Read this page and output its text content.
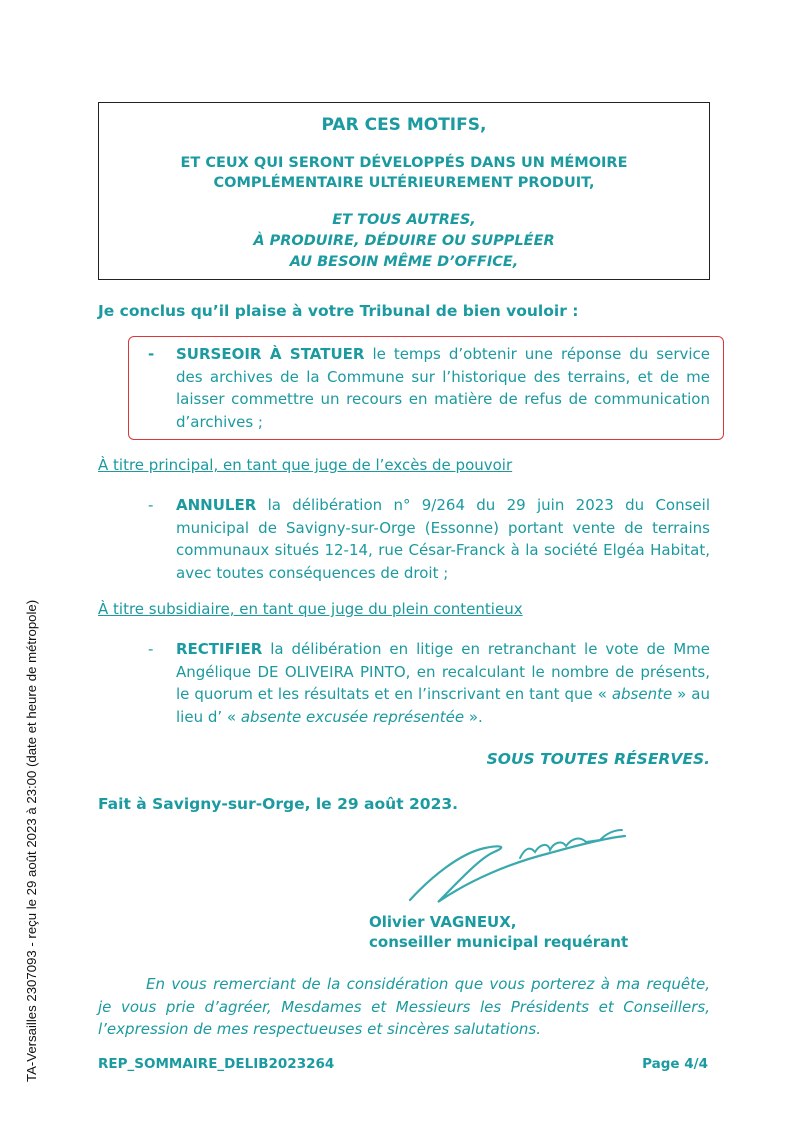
TA-Versailles 2307093 - reçu le 29 août 2023 à 23:00 (date et heure de métropole)
PAR CES MOTIFS,
ET CEUX QUI SERONT DÉVELOPPÉS DANS UN MÉMOIRE
COMPLÉMENTAIRE ULTÉRIEUREMENT PRODUIT,
ET TOUS AUTRES,
À PRODUIRE, DÉDUIRE OU SUPPLÉER
AU BESOIN MÊME D’OFFICE,
Je conclus qu’il plaise à votre Tribunal de bien vouloir :
- SURSEOIR À STATUER le temps d’obtenir une réponse du service des archives de la Commune sur l’historique des terrains, et de me laisser commettre un recours en matière de refus de communication d’archives ;
À titre principal, en tant que juge de l’excès de pouvoir
- ANNULER la délibération n° 9/264 du 29 juin 2023 du Conseil municipal de Savigny-sur-Orge (Essonne) portant vente de terrains communaux situés 12-14, rue César-Franck à la société Elgéa Habitat, avec toutes conséquences de droit ;
À titre subsidiaire, en tant que juge du plein contentieux
- RECTIFIER la délibération en litige en retranchant le vote de Mme Angélique DE OLIVEIRA PINTO, en recalculant le nombre de présents, le quorum et les résultats et en l’inscrivant en tant que « absente » au lieu d’ « absente excusée représentée ».
SOUS TOUTES RÉSERVES.
Fait à Savigny-sur-Orge, le 29 août 2023.
Olivier VAGNEUX,
conseiller municipal requérant
En vous remerciant de la considération que vous porterez à ma requête, je vous prie d’agréer, Mesdames et Messieurs les Présidents et Conseillers, l’expression de mes respectueuses et sincères salutations.
REP_SOMMAIRE_DELIB2023264	Page 4/4
